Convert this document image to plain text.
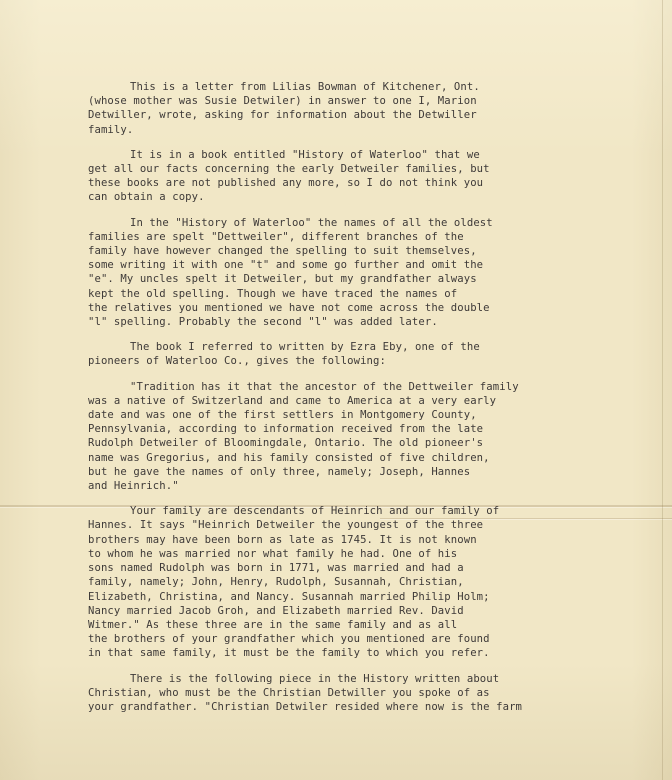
This is a letter from Lilias Bowman of Kitchener, Ont.
(whose mother was Susie Detwiler) in answer to one I, Marion
Detwiller, wrote, asking for information about the Detwiller
family.

It is in a book entitled "History of Waterloo" that we
get all our facts concerning the early Detweiler families, but
these books are not published any more, so I do not think you
can obtain a copy.

In the "History of Waterloo" the names of all the oldest
families are spelt "Dettweiler", different branches of the
family have however changed the spelling to suit themselves,
some writing it with one "t" and some go further and omit the
"e". My uncles spelt it Detweiler, but my grandfather always
kept the old spelling. Though we have traced the names of
the relatives you mentioned we have not come across the double
"l" spelling. Probably the second "l" was added later.

The book I referred to written by Ezra Eby, one of the
pioneers of Waterloo Co., gives the following:

"Tradition has it that the ancestor of the Dettweiler family
was a native of Switzerland and came to America at a very early
date and was one of the first settlers in Montgomery County,
Pennsylvania, according to information received from the late
Rudolph Detweiler of Bloomingdale, Ontario. The old pioneer's
name was Gregorius, and his family consisted of five children,
but he gave the names of only three, namely; Joseph, Hannes
and Heinrich."

Your family are descendants of Heinrich and our family of
Hannes. It says "Heinrich Detweiler the youngest of the three
brothers may have been born as late as 1745. It is not known
to whom he was married nor what family he had. One of his
sons named Rudolph was born in 1771, was married and had a
family, namely; John, Henry, Rudolph, Susannah, Christian,
Elizabeth, Christina, and Nancy. Susannah married Philip Holm;
Nancy married Jacob Groh, and Elizabeth married Rev. David
Witmer." As these three are in the same family and as all
the brothers of your grandfather which you mentioned are found
in that same family, it must be the family to which you refer.

There is the following piece in the History written about
Christian, who must be the Christian Detwiller you spoke of as
your grandfather. "Christian Detwiler resided where now is the farm
